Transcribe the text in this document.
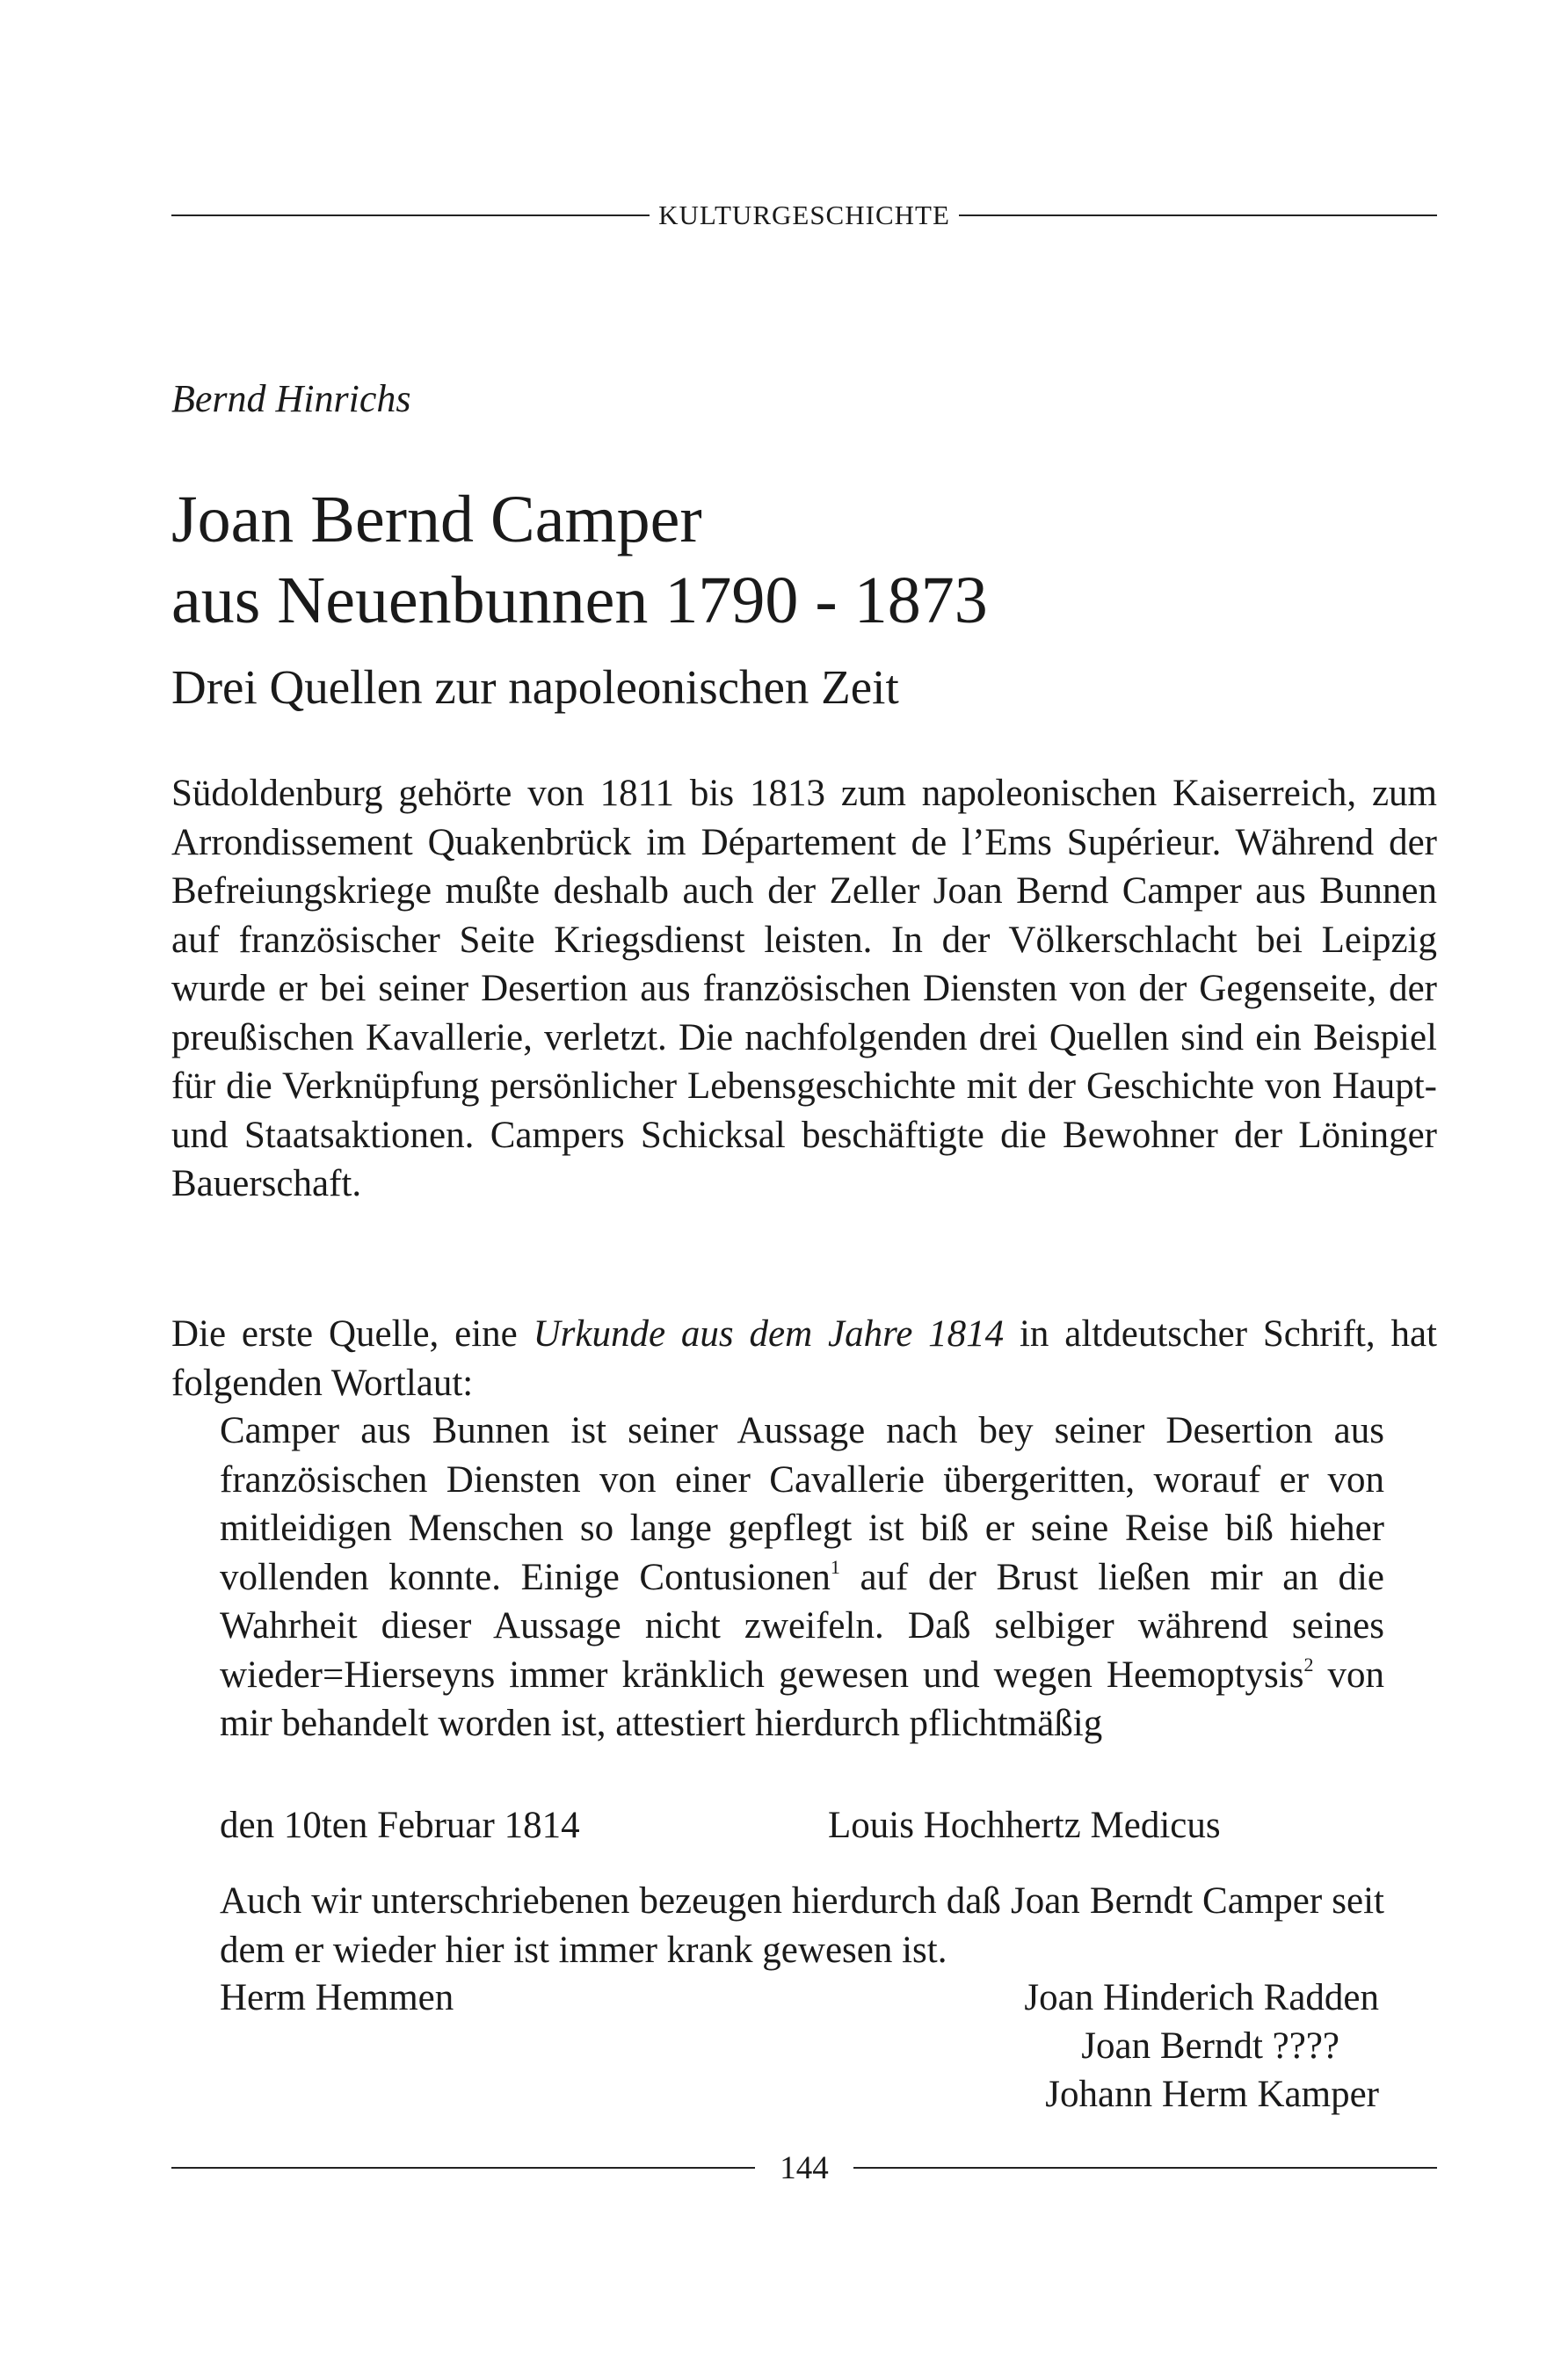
KULTURGESCHICHTE
Bernd Hinrichs
Joan Bernd Camper
aus Neuenbunnen 1790 - 1873
Drei Quellen zur napoleonischen Zeit
Südoldenburg gehörte von 1811 bis 1813 zum napoleonischen Kaiserreich, zum Arrondissement Quakenbrück im Département de l’Ems Supérieur. Während der Befreiungskriege mußte deshalb auch der Zeller Joan Bernd Camper aus Bunnen auf französischer Seite Kriegsdienst leisten. In der Völkerschlacht bei Leipzig wurde er bei seiner Desertion aus französischen Diensten von der Gegenseite, der preußischen Kavallerie, verletzt. Die nachfolgenden drei Quellen sind ein Beispiel für die Verknüpfung persönlicher Lebensgeschichte mit der Geschichte von Haupt- und Staatsaktionen. Campers Schicksal beschäftigte die Bewohner der Löninger Bauerschaft.
Die erste Quelle, eine Urkunde aus dem Jahre 1814 in altdeutscher Schrift, hat folgenden Wortlaut:
Camper aus Bunnen ist seiner Aussage nach bey seiner Desertion aus französischen Diensten von einer Cavallerie übergeritten, worauf er von mitleidigen Menschen so lange gepflegt ist biß er seine Reise biß hieher vollenden konnte. Einige Contusionen$^1$ auf der Brust ließen mir an die Wahrheit dieser Aussage nicht zweifeln. Daß selbiger während seines wieder=Hierseyns immer kränklich gewesen und wegen Heemoptysis$^2$ von mir behandelt worden ist, attestiert hierdurch pflichtmäßig
den 10ten Februar 1814	Louis Hochhertz Medicus
Auch wir unterschriebenen bezeugen hierdurch daß Joan Berndt Camper seit dem er wieder hier ist immer krank gewesen ist.
Herm Hemmen	Joan Hinderich Radden
Joan Berndt ????
Johann Herm Kamper
144
